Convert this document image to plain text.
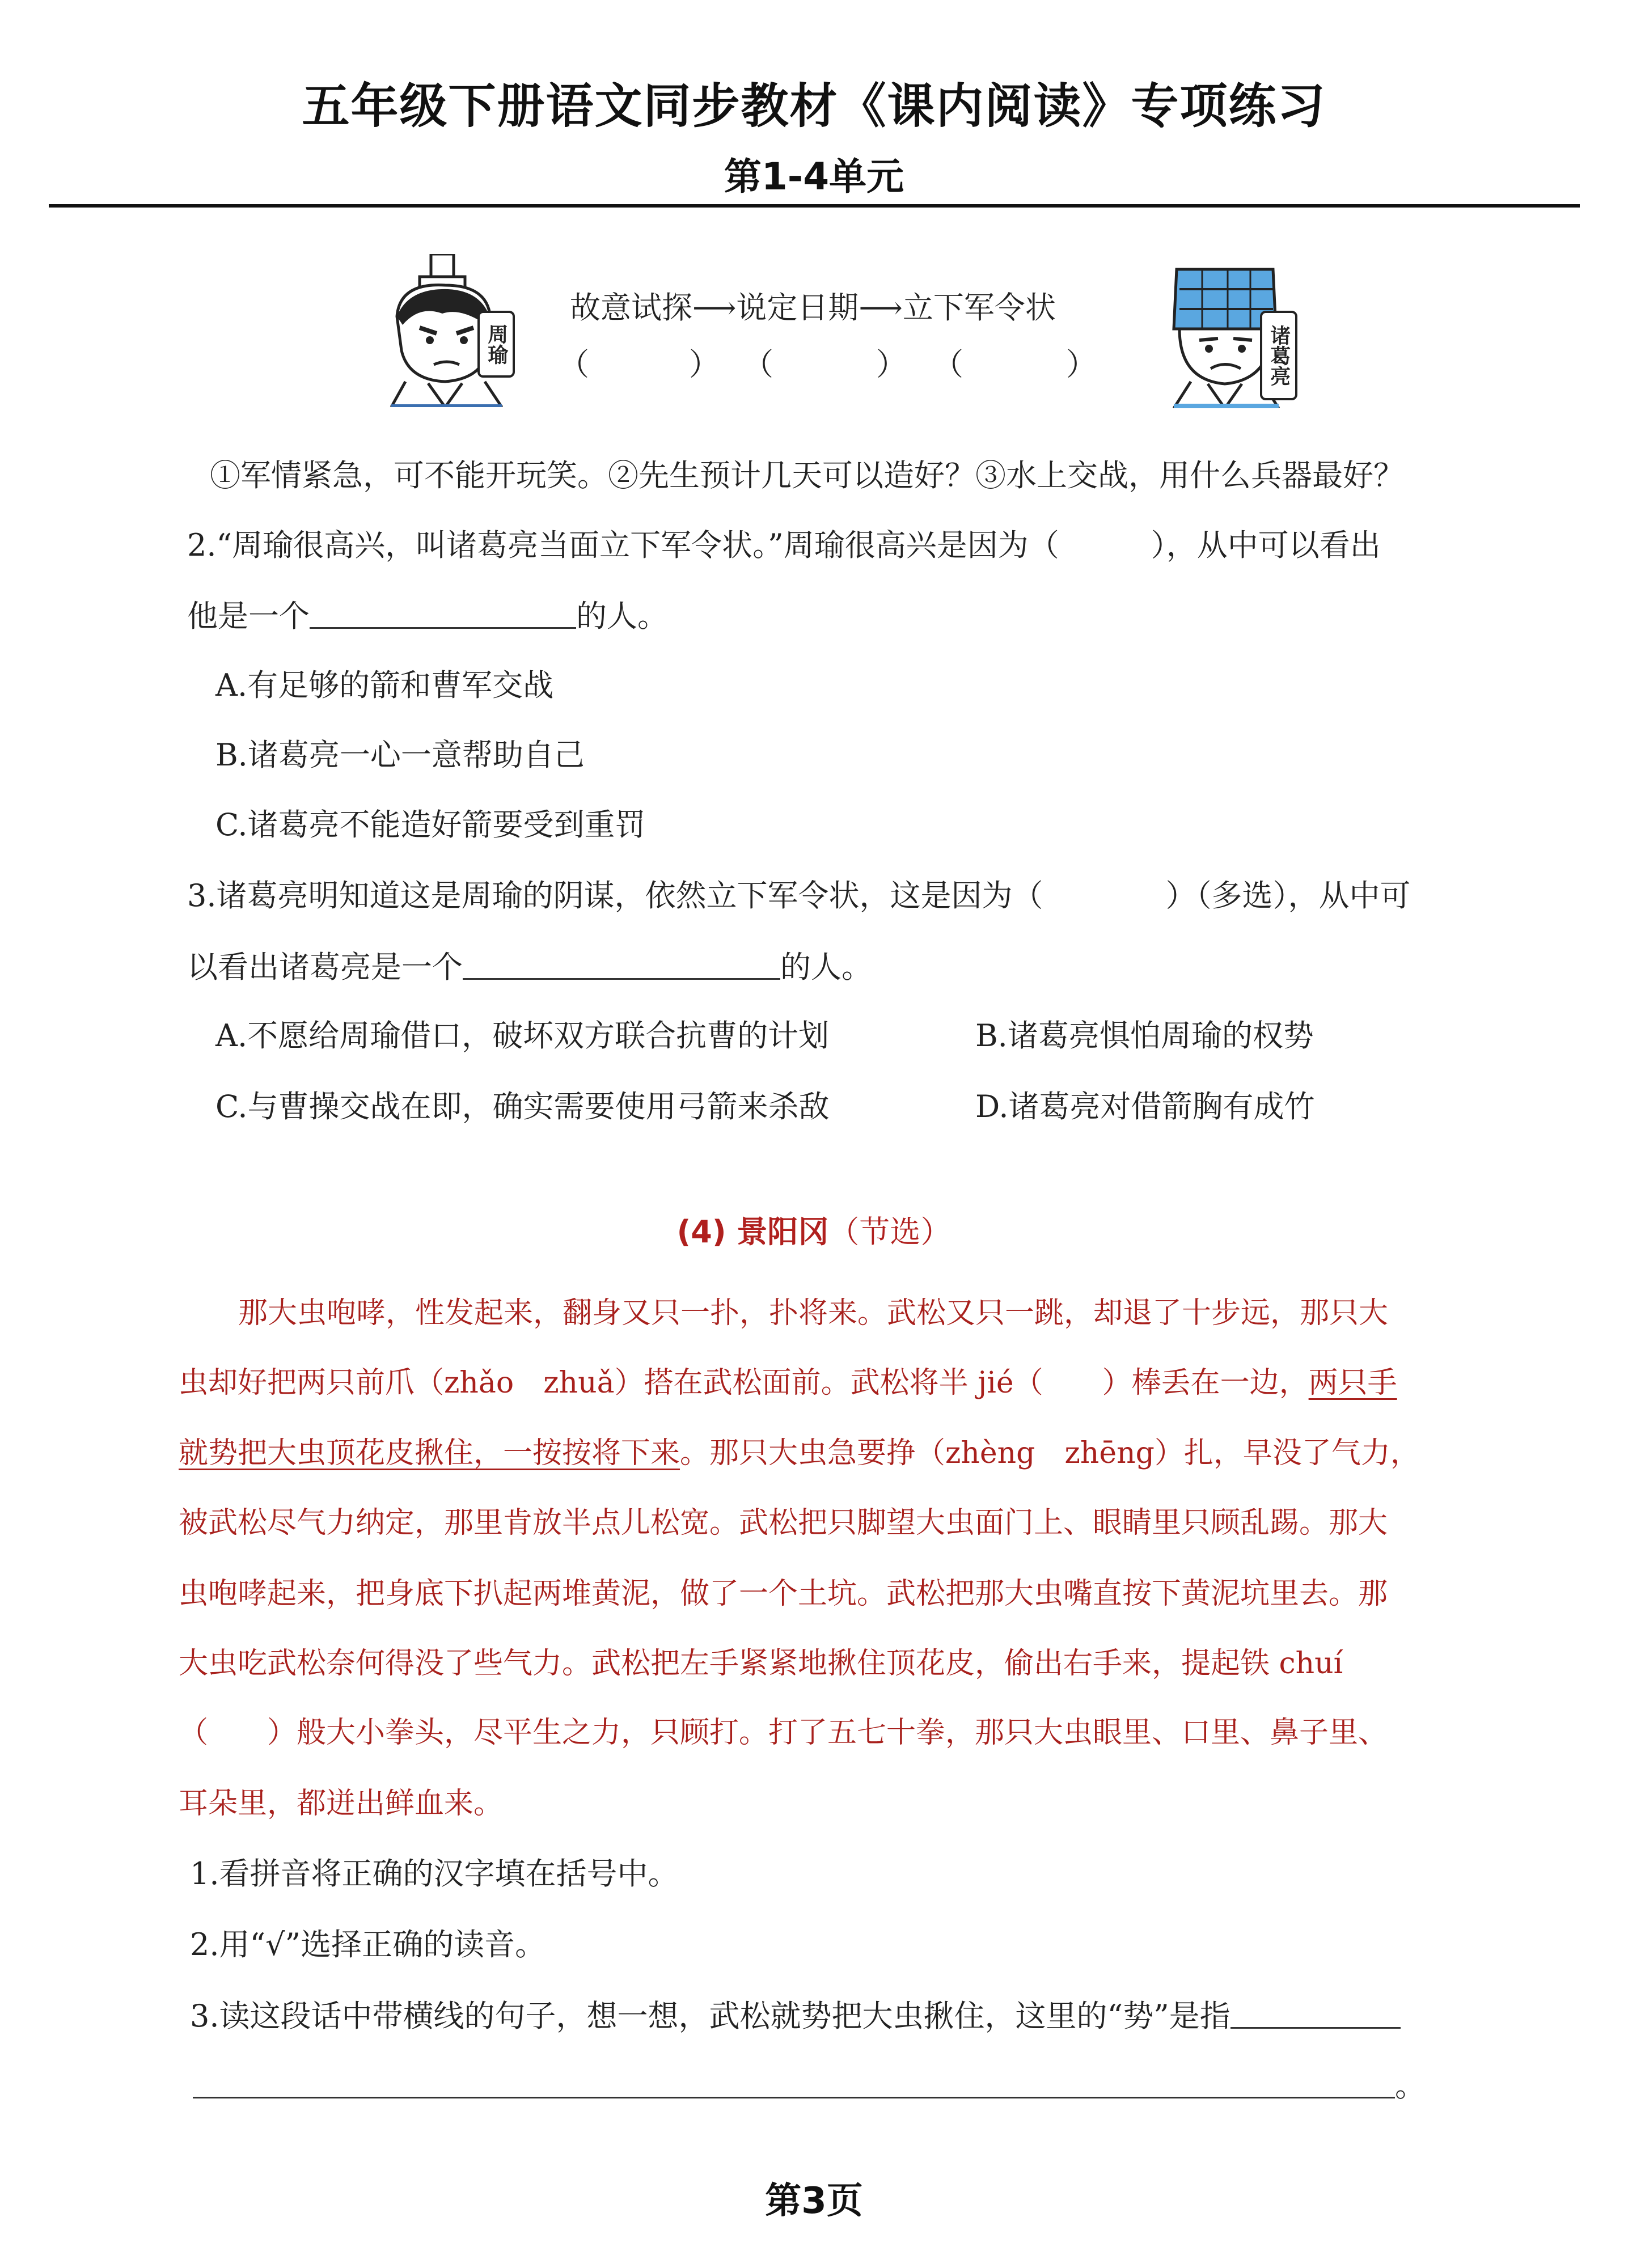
五年级下册语文同步教材《课内阅读》专项练习
第1-4单元
周瑜
故意试探⟶说定日期⟶立下军令状
（	） （	） （	）	诸葛亮
①军情紧急，可不能开玩笑。②先生预计几天可以造好？③水上交战，用什么兵器最好？
2.“周瑜很高兴，叫诸葛亮当面立下军令状。”周瑜很高兴是因为（　　　），从中可以看出
他是一个	的人。
A.有足够的箭和曹军交战
B.诸葛亮一心一意帮助自己
C.诸葛亮不能造好箭要受到重罚
3.诸葛亮明知道这是周瑜的阴谋，依然立下军令状，这是因为（　　　　）（多选），从中可
以看出诸葛亮是一个	的人。
A.不愿给周瑜借口，破坏双方联合抗曹的计划	B.诸葛亮惧怕周瑜的权势
C.与曹操交战在即，确实需要使用弓箭来杀敌	D.诸葛亮对借箭胸有成竹
(4) 景阳冈（节选）
那大虫咆哮，性发起来，翻身又只一扑，扑将来。武松又只一跳，却退了十步远，那只大
虫却好把两只前爪（zhǎo　zhuǎ）搭在武松面前。武松将半 jié（　　）棒丢在一边，两只手
就势把大虫顶花皮揪住，一按按将下来。那只大虫急要挣（zhèng　zhēng）扎，早没了气力，
被武松尽气力纳定，那里肯放半点儿松宽。武松把只脚望大虫面门上、眼睛里只顾乱踢。那大
虫咆哮起来，把身底下扒起两堆黄泥，做了一个土坑。武松把那大虫嘴直按下黄泥坑里去。那
大虫吃武松奈何得没了些气力。武松把左手紧紧地揪住顶花皮，偷出右手来，提起铁 chuí
（　　）般大小拳头，尽平生之力，只顾打。打了五七十拳，那只大虫眼里、口里、鼻子里、
耳朵里，都迸出鲜血来。
1.看拼音将正确的汉字填在括号中。
2.用“√”选择正确的读音。
3.读这段话中带横线的句子，想一想，武松就势把大虫揪住，这里的“势”是指
。
第3页
